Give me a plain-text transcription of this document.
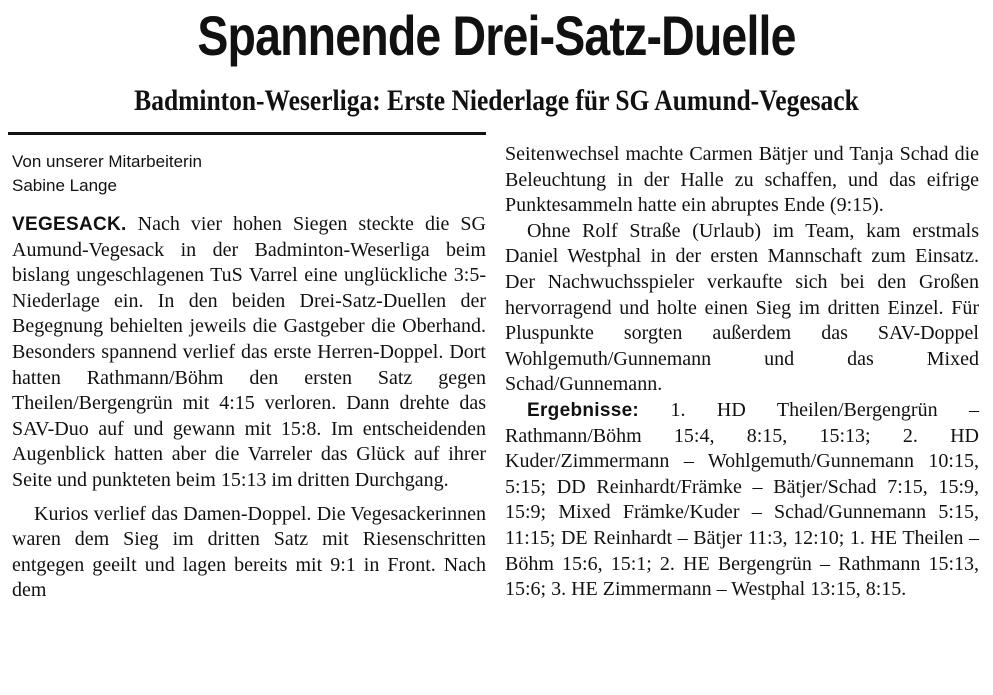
Spannende Drei-Satz-Duelle
Badminton-Weserliga: Erste Niederlage für SG Aumund-Vegesack
Von unserer Mitarbeiterin
Sabine Lange

VEGESACK. Nach vier hohen Siegen steckte die SG Aumund-Vegesack in der Badminton-Weserliga beim bislang ungeschlagenen TuS Varrel eine unglückliche 3:5-Niederlage ein. In den beiden Drei-Satz-Duellen der Begegnung behielten jeweils die Gastgeber die Oberhand. Besonders spannend verlief das erste Herren-Doppel. Dort hatten Rathmann/Böhm den ersten Satz gegen Theilen/Bergengrün mit 4:15 verloren. Dann drehte das SAV-Duo auf und gewann mit 15:8. Im entscheidenden Augenblick hatten aber die Varreler das Glück auf ihrer Seite und punkteten beim 15:13 im dritten Durchgang.

Kurios verlief das Damen-Doppel. Die Vegesackerinnen waren dem Sieg im dritten Satz mit Riesenschritten entgegen geeilt und lagen bereits mit 9:1 in Front. Nach dem

Seitenwechsel machte Carmen Bätjer und Tanja Schad die Beleuchtung in der Halle zu schaffen, und das eifrige Punktesammeln hatte ein abruptes Ende (9:15).

Ohne Rolf Straße (Urlaub) im Team, kam erstmals Daniel Westphal in der ersten Mannschaft zum Einsatz. Der Nachwuchsspieler verkaufte sich bei den Großen hervorragend und holte einen Sieg im dritten Einzel. Für Pluspunkte sorgten außerdem das SAV-Doppel Wohlgemuth/Gunnemann und das Mixed Schad/Gunnemann.

Ergebnisse: 1. HD Theilen/Bergengrün – Rathmann/Böhm 15:4, 8:15, 15:13; 2. HD Kuder/Zimmermann – Wohlgemuth/Gunnemann 10:15, 5:15; DD Reinhardt/Främke – Bätjer/Schad 7:15, 15:9, 15:9; Mixed Främke/Kuder – Schad/Gunnemann 5:15, 11:15; DE Reinhardt – Bätjer 11:3, 12:10; 1. HE Theilen – Böhm 15:6, 15:1; 2. HE Bergengrün – Rathmann 15:13, 15:6; 3. HE Zimmermann – Westphal 13:15, 8:15.
